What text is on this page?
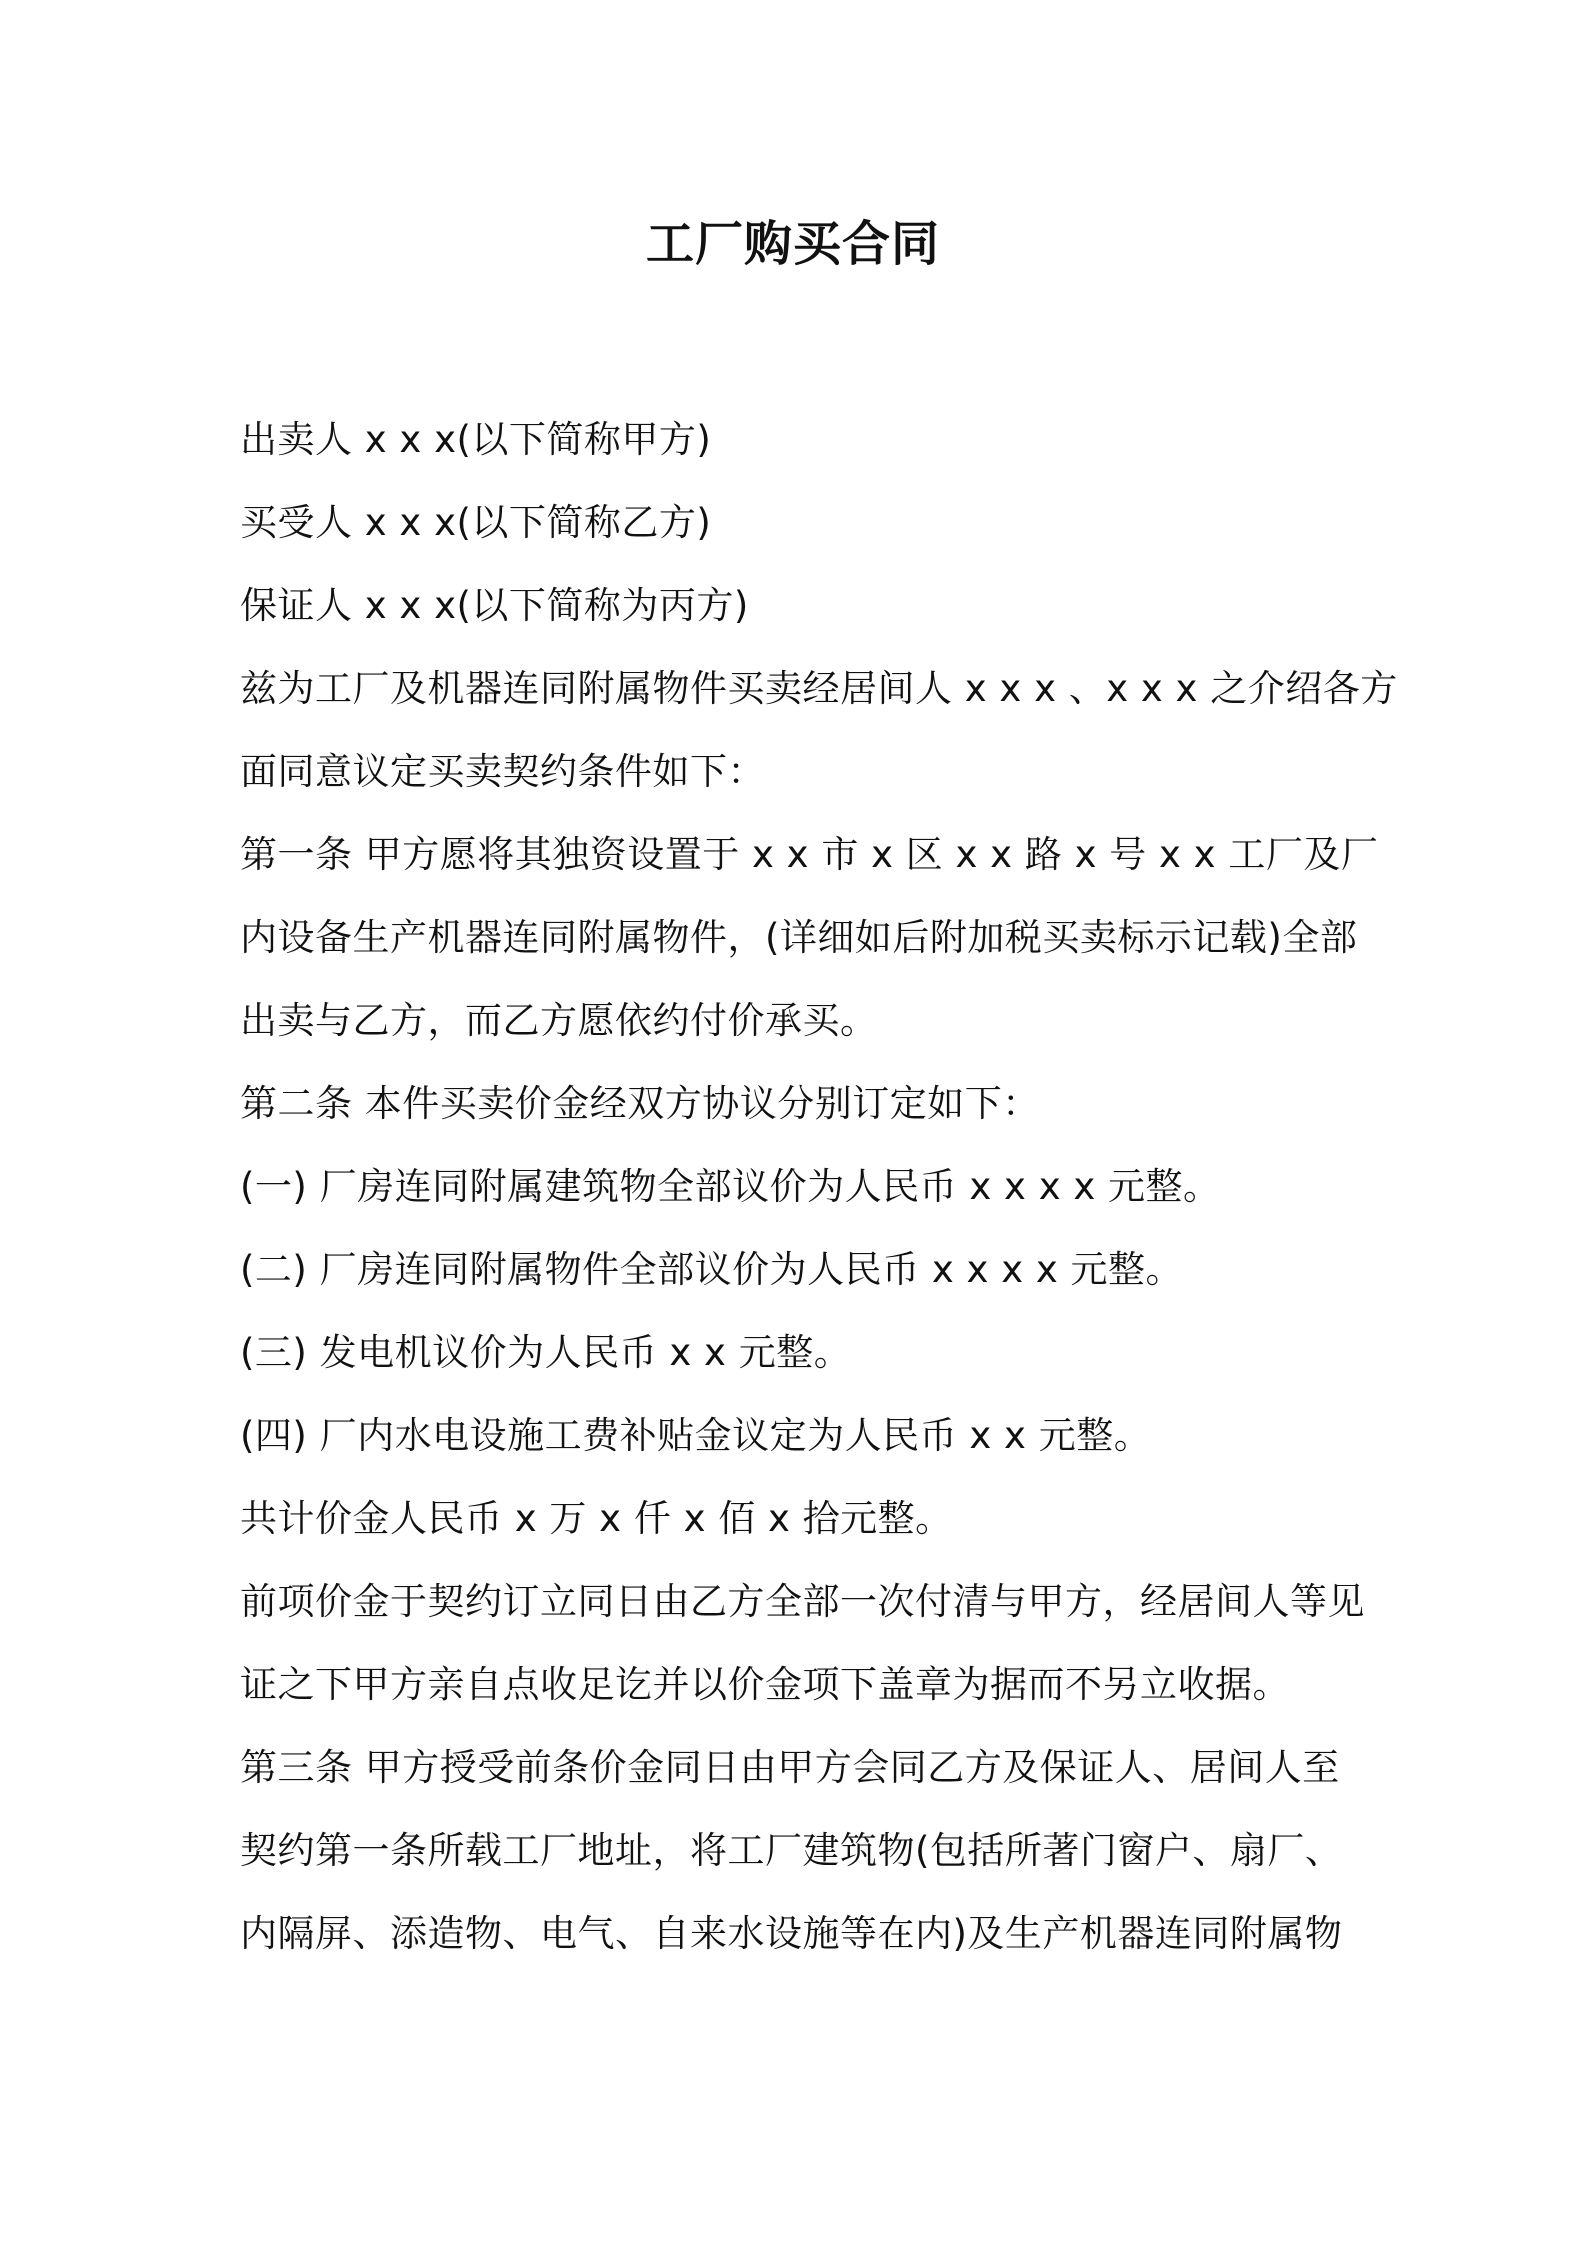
工厂购买合同
出卖人 x x x(以下简称甲方)
买受人 x x x(以下简称乙方)
保证人 x x x(以下简称为丙方)
兹为工厂及机器连同附属物件买卖经居间人 x x x 、x x x 之介绍各方
面同意议定买卖契约条件如下：
第一条 甲方愿将其独资设置于 x x 市 x 区 x x 路 x 号 x x 工厂及厂
内设备生产机器连同附属物件，(详细如后附加税买卖标示记载)全部
出卖与乙方，而乙方愿依约付价承买。
第二条 本件买卖价金经双方协议分别订定如下：
(一) 厂房连同附属建筑物全部议价为人民币 x x x x 元整。
(二) 厂房连同附属物件全部议价为人民币 x x x x 元整。
(三) 发电机议价为人民币 x x 元整。
(四) 厂内水电设施工费补贴金议定为人民币 x x 元整。
共计价金人民币 x 万 x 仟 x 佰 x 拾元整。
前项价金于契约订立同日由乙方全部一次付清与甲方，经居间人等见
证之下甲方亲自点收足讫并以价金项下盖章为据而不另立收据。
第三条 甲方授受前条价金同日由甲方会同乙方及保证人、居间人至
契约第一条所载工厂地址，将工厂建筑物(包括所著门窗户、扇厂、
内隔屏、添造物、电气、自来水设施等在内)及生产机器连同附属物
